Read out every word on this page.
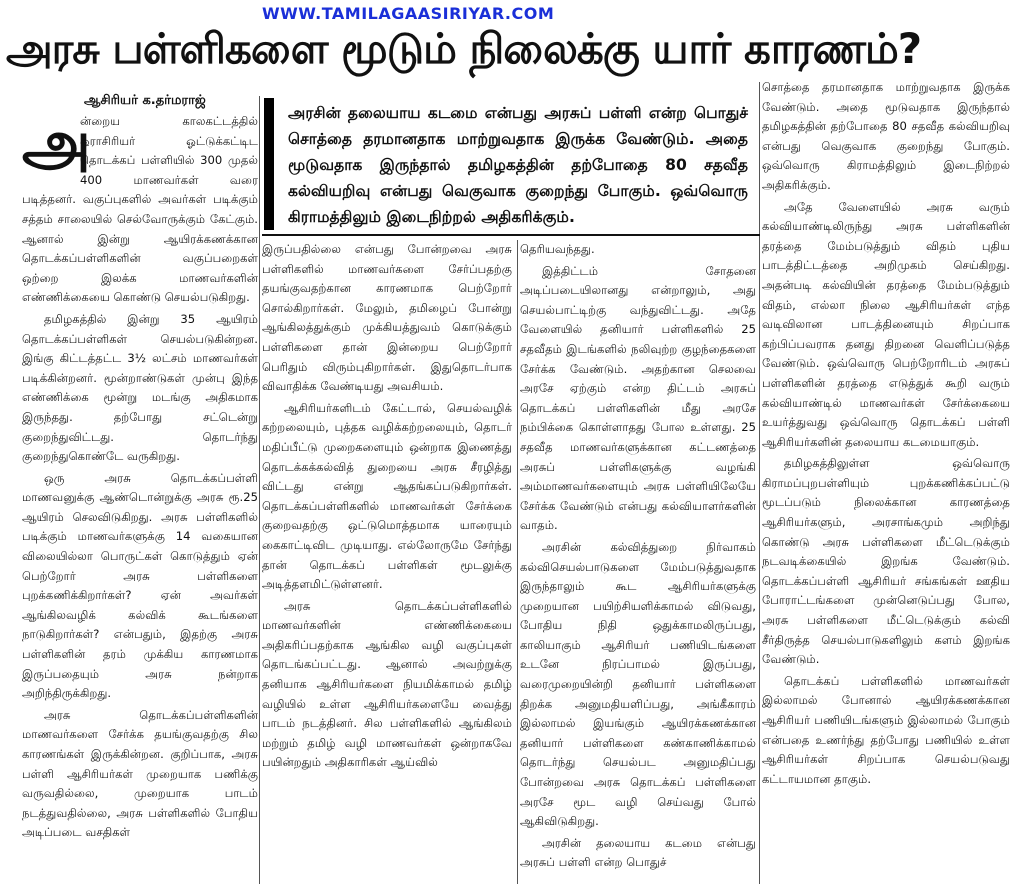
WWW.TAMILAGAASIRIYAR.COM
அரசு பள்ளிகளை மூடும் நிலைக்கு யார் காரணம்?
ஆசிரியர் க.தர்மராஜ்

அ
ன்றைய காலகட்டத்தில் ஓராசிரியர் ஓட்டுக்கட்டிட தொடக்கப் பள்ளியில் 300 முதல் 400 மாணவர்கள் வரை படித்தனர். வகுப்புகளில் அவர்கள் படிக்கும் சத்தம் சாலையில் செல்வோருக்கும் கேட்கும். ஆனால் இன்று ஆயிரக்கணக்கான தொடக்கப்பள்ளிகளின் வகுப்பறைகள் ஒற்றை இலக்க மாணவர்களின் எண்ணிக்கையை கொண்டு செயல்படுகிறது.

தமிழகத்தில் இன்று 35 ஆயிரம் தொடக்கப்பள்ளிகள் செயல்படுகின்றன. இங்கு கிட்டத்தட்ட 3½ லட்சம் மாணவர்கள் படிக்கின்றனர். மூன்றாண்டுகள் முன்பு இந்த எண்ணிக்கை மூன்று மடங்கு அதிகமாக இருந்தது. தற்போது சட்டென்று குறைந்துவிட்டது. தொடர்ந்து குறைந்துகொண்டே வருகிறது.

ஒரு அரசு தொடக்கப்பள்ளி மாணவனுக்கு ஆண்டொன்றுக்கு அரசு ரூ.25 ஆயிரம் செலவிடுகிறது. அரசு பள்ளிகளில் படிக்கும் மாணவர்களுக்கு 14 வகையான விலையில்லா பொருட்கள் கொடுத்தும் ஏன் பெற்றோர் அரசு பள்ளிகளை புறக்கணிக்கிறார்கள்? ஏன் அவர்கள் ஆங்கிலவழிக் கல்விக் கூடங்களை நாடுகிறார்கள்? என்பதும், இதற்கு அரசு பள்ளிகளின் தரம் முக்கிய காரணமாக இருப்பதையும் அரசு நன்றாக அறிந்திருக்கிறது.

அரசு தொடக்கப்பள்ளிகளின் மாணவர்களை சேர்க்க தயங்குவதற்கு சில காரணங்கள் இருக்கின்றன. குறிப்பாக, அரசு பள்ளி ஆசிரியர்கள் முறையாக பணிக்கு வருவதில்லை, முறையாக பாடம் நடத்துவதில்லை, அரசு பள்ளிகளில் போதிய அடிப்படை வசதிகள்

அரசின் தலையாய கடமை என்பது அரசுப் பள்ளி என்ற பொதுச் சொத்தை தரமானதாக மாற்றுவதாக இருக்க வேண்டும். அதை மூடுவதாக இருந்தால் தமிழகத்தின் தற்போதை 80 சதவீத கல்வியறிவு என்பது வெகுவாக குறைந்து போகும். ஒவ்வொரு கிராமத்திலும் இடைநிற்றல் அதிகரிக்கும்.

இருப்பதில்லை என்பது போன்றவை அரசு பள்ளிகளில் மாணவர்களை சேர்ப்பதற்கு தயங்குவதற்கான காரணமாக பெற்றோர் சொல்கிறார்கள். மேலும், தமிழைப் போன்று ஆங்கிலத்துக்கும் முக்கியத்துவம் கொடுக்கும் பள்ளிகளை தான் இன்றைய பெற்றோர் பெரிதும் விரும்புகிறார்கள். இதுதொடர்பாக விவாதிக்க வேண்டியது அவசியம்.

ஆசிரியர்களிடம் கேட்டால், செயல்வழிக் கற்றலையும், புத்தக வழிக்கற்றலையும், தொடர் மதிப்பீட்டு முறைகளையும் ஒன்றாக இணைத்து தொடக்கக்கல்வித் துறையை அரசு சீரழித்து விட்டது என்று ஆதங்கப்படுகிறார்கள். தொடக்கப்பள்ளிகளில் மாணவர்கள் சேர்க்கை குறைவதற்கு ஒட்டுமொத்தமாக யாரையும் கைகாட்டிவிட முடியாது. எல்லோருமே சேர்ந்து தான் தொடக்கப் பள்ளிகள் மூடலுக்கு அடித்தளமிட்டுள்ளனர்.

அரசு தொடக்கப்பள்ளிகளில் மாணவர்களின் எண்ணிக்கையை அதிகரிப்பதற்காக ஆங்கில வழி வகுப்புகள் தொடங்கப்பட்டது. ஆனால் அவற்றுக்கு தனியாக ஆசிரியர்களை நியமிக்காமல் தமிழ் வழியில் உள்ள ஆசிரியர்களையே வைத்து பாடம் நடத்தினர். சில பள்ளிகளில் ஆங்கிலம் மற்றும் தமிழ் வழி மாணவர்கள் ஒன்றாகவே பயின்றதும் அதிகாரிகள் ஆய்வில்

தெரியவந்தது.

இத்திட்டம் சோதனை அடிப்படையிலானது என்றாலும், அது செயல்பாட்டிற்கு வந்துவிட்டது. அதே வேளையில் தனியார் பள்ளிகளில் 25 சதவீதம் இடங்களில் நலிவுற்ற குழந்தைகளை சேர்க்க வேண்டும். அதற்கான செலவை அரசே ஏற்கும் என்ற திட்டம் அரசுப் தொடக்கப் பள்ளிகளின் மீது அரசே நம்பிக்கை கொள்ளாதது போல உள்ளது. 25 சதவீத மாணவர்களுக்கான கட்டணத்தை அரசுப் பள்ளிகளுக்கு வழங்கி அம்மாணவர்களையும் அரசு பள்ளியிலேயே சேர்க்க வேண்டும் என்பது கல்வியாளர்களின் வாதம்.

அரசின் கல்வித்துறை நிர்வாகம் கல்விசெயல்பாடுகளை மேம்படுத்துவதாக இருந்தாலும் கூட ஆசிரியர்களுக்கு முறையான பயிற்சியளிக்காமல் விடுவது, போதிய நிதி ஒதுக்காமலிருப்பது, காலியாகும் ஆசிரியர் பணியிடங்களை உடனே நிரப்பாமல் இருப்பது, வரைமுறையின்றி தனியார் பள்ளிகளை திறக்க அனுமதியளிப்பது, அங்கீகாரம் இல்லாமல் இயங்கும் ஆயிரக்கணக்கான தனியார் பள்ளிகளை கண்காணிக்காமல் தொடர்ந்து செயல்பட அனுமதிப்பது போன்றவை அரசு தொடக்கப் பள்ளிகளை அரசே மூட வழி செய்வது போல் ஆகிவிடுகிறது.

அரசின் தலையாய கடமை என்பது அரசுப் பள்ளி என்ற பொதுச்

சொத்தை தரமானதாக மாற்றுவதாக இருக்க வேண்டும். அதை மூடுவதாக இருந்தால் தமிழகத்தின் தற்போதை 80 சதவீத கல்வியறிவு என்பது வெகுவாக குறைந்து போகும். ஒவ்வொரு கிராமத்திலும் இடைநிற்றல் அதிகரிக்கும்.

அதே வேளையில் அரசு வரும் கல்வியாண்டிலிருந்து அரசு பள்ளிகளின் தரத்தை மேம்படுத்தும் விதம் புதிய பாடத்திட்டத்தை அறிமுகம் செய்கிறது. அதன்படி கல்வியின் தரத்தை மேம்படுத்தும் விதம், எல்லா நிலை ஆசிரியர்கள் எந்த வடிவிலான பாடத்தினையும் சிறப்பாக கற்பிப்பவராக தனது திறனை வெளிப்படுத்த வேண்டும். ஒவ்வொரு பெற்றோரிடம் அரசுப் பள்ளிகளின் தரத்தை எடுத்துக் கூறி வரும் கல்வியாண்டில் மாணவர்கள் சேர்க்கையை உயர்த்துவது ஒவ்வொரு தொடக்கப் பள்ளி ஆசிரியர்களின் தலையாய கடமையாகும்.

தமிழகத்திலுள்ள ஒவ்வொரு கிராமப்புறபள்ளியும் புறக்கணிக்கப்பட்டு மூடப்படும் நிலைக்கான காரணத்தை ஆசிரியர்களும், அரசாங்கமும் அறிந்து கொண்டு அரசு பள்ளிகளை மீட்டெடுக்கும் நடவடிக்கையில் இறங்க வேண்டும். தொடக்கப்பள்ளி ஆசிரியர் சங்கங்கள் ஊதிய போராட்டங்களை முன்னெடுப்பது போல, அரசு பள்ளிகளை மீட்டெடுக்கும் கல்வி சீர்திருத்த செயல்பாடுகளிலும் களம் இறங்க வேண்டும்.

தொடக்கப் பள்ளிகளில் மாணவர்கள் இல்லாமல் போனால் ஆயிரக்கணக்கான ஆசிரியர் பணியிடங்களும் இல்லாமல் போகும் என்பதை உணர்ந்து தற்போது பணியில் உள்ள ஆசிரியர்கள் சிறப்பாக செயல்படுவது கட்டாயமான தாகும்.
